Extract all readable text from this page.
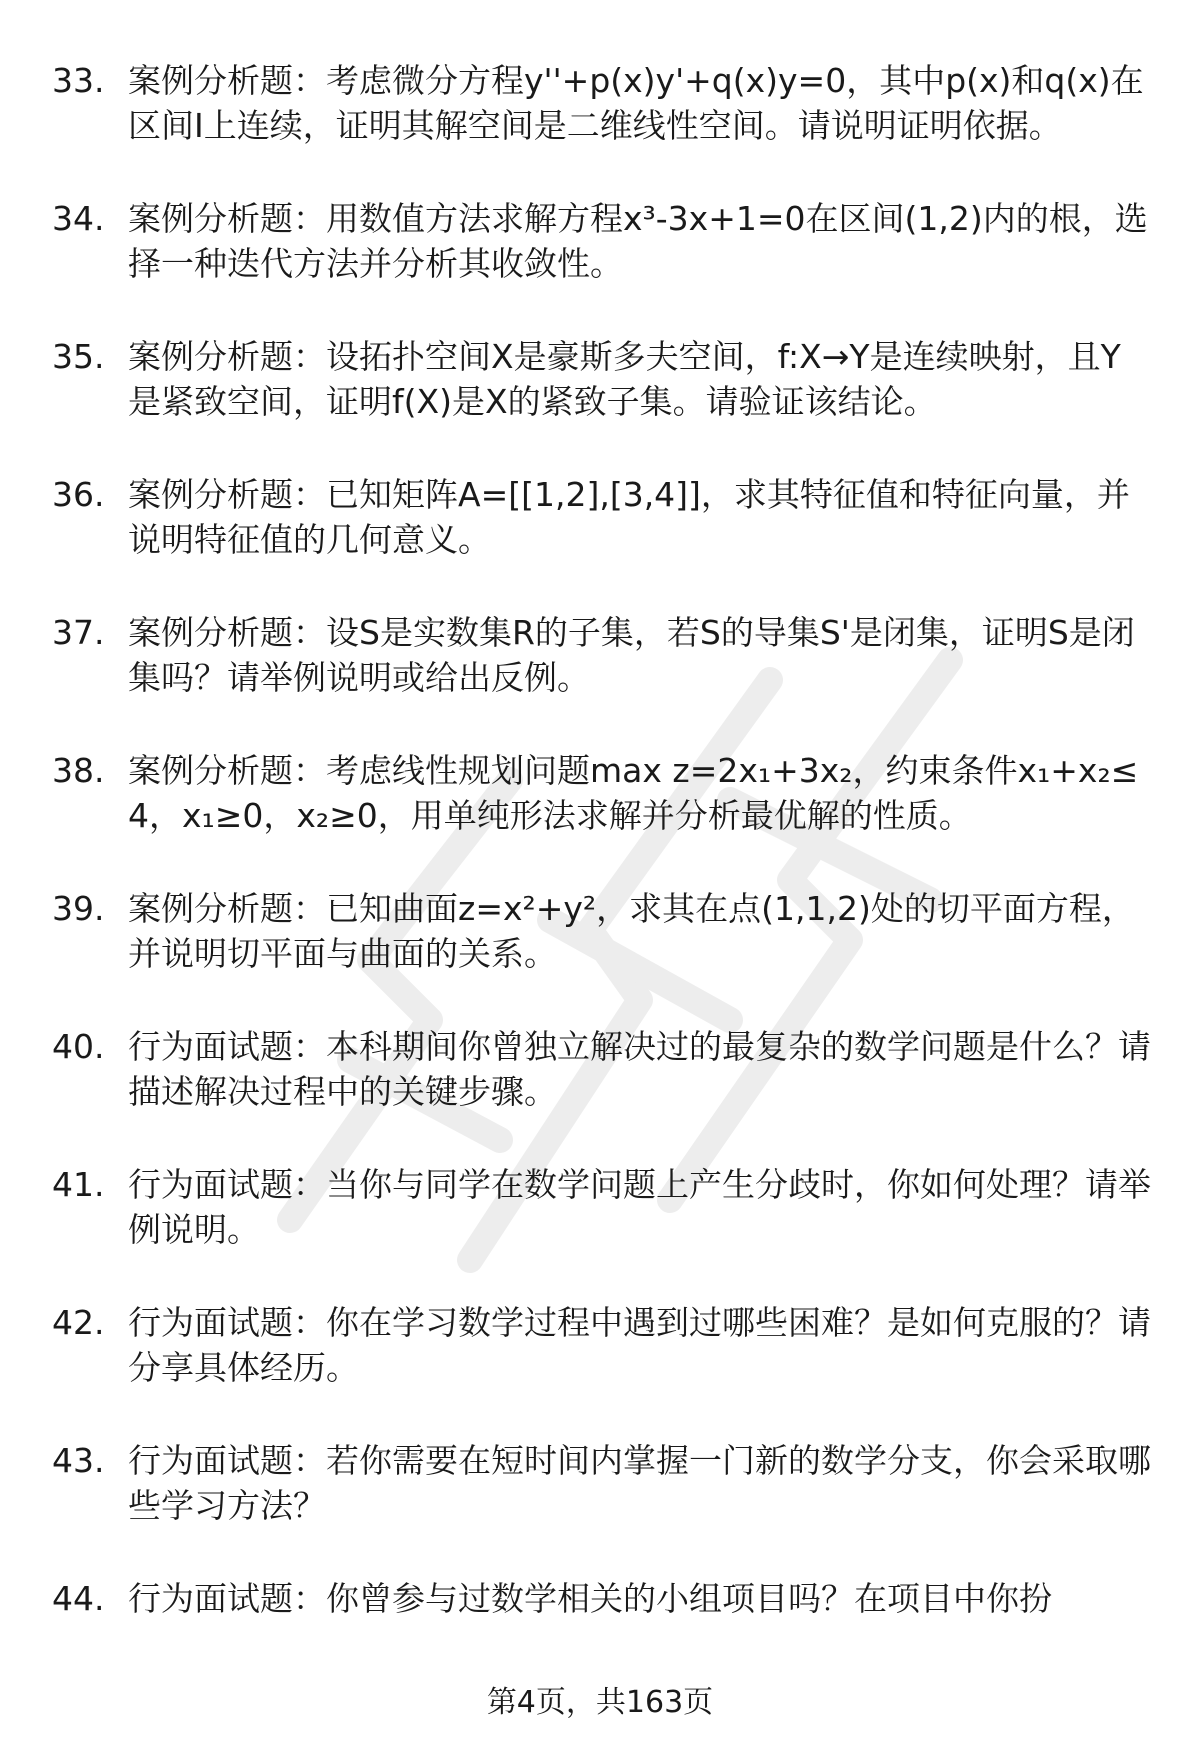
33. 案例分析题：考虑微分方程y''+p(x)y'+q(x)y=0，其中p(x)和q(x)在区间I上连续，证明其解空间是二维线性空间。请说明证明依据。
34. 案例分析题：用数值方法求解方程x³-3x+1=0在区间(1,2)内的根，选择一种迭代方法并分析其收敛性。
35. 案例分析题：设拓扑空间X是豪斯多夫空间，f:X→Y是连续映射，且Y是紧致空间，证明f(X)是X的紧致子集。请验证该结论。
36. 案例分析题：已知矩阵A=[[1,2],[3,4]]，求其特征值和特征向量，并说明特征值的几何意义。
37. 案例分析题：设S是实数集R的子集，若S的导集S'是闭集，证明S是闭集吗？请举例说明或给出反例。
38. 案例分析题：考虑线性规划问题max z=2x₁+3x₂，约束条件x₁+x₂≤4，x₁≥0，x₂≥0，用单纯形法求解并分析最优解的性质。
39. 案例分析题：已知曲面z=x²+y²，求其在点(1,1,2)处的切平面方程，并说明切平面与曲面的关系。
40. 行为面试题：本科期间你曾独立解决过的最复杂的数学问题是什么？请描述解决过程中的关键步骤。
41. 行为面试题：当你与同学在数学问题上产生分歧时，你如何处理？请举例说明。
42. 行为面试题：你在学习数学过程中遇到过哪些困难？是如何克服的？请分享具体经历。
43. 行为面试题：若你需要在短时间内掌握一门新的数学分支，你会采取哪些学习方法？
44. 行为面试题：你曾参与过数学相关的小组项目吗？在项目中你扮
第4页，共163页
